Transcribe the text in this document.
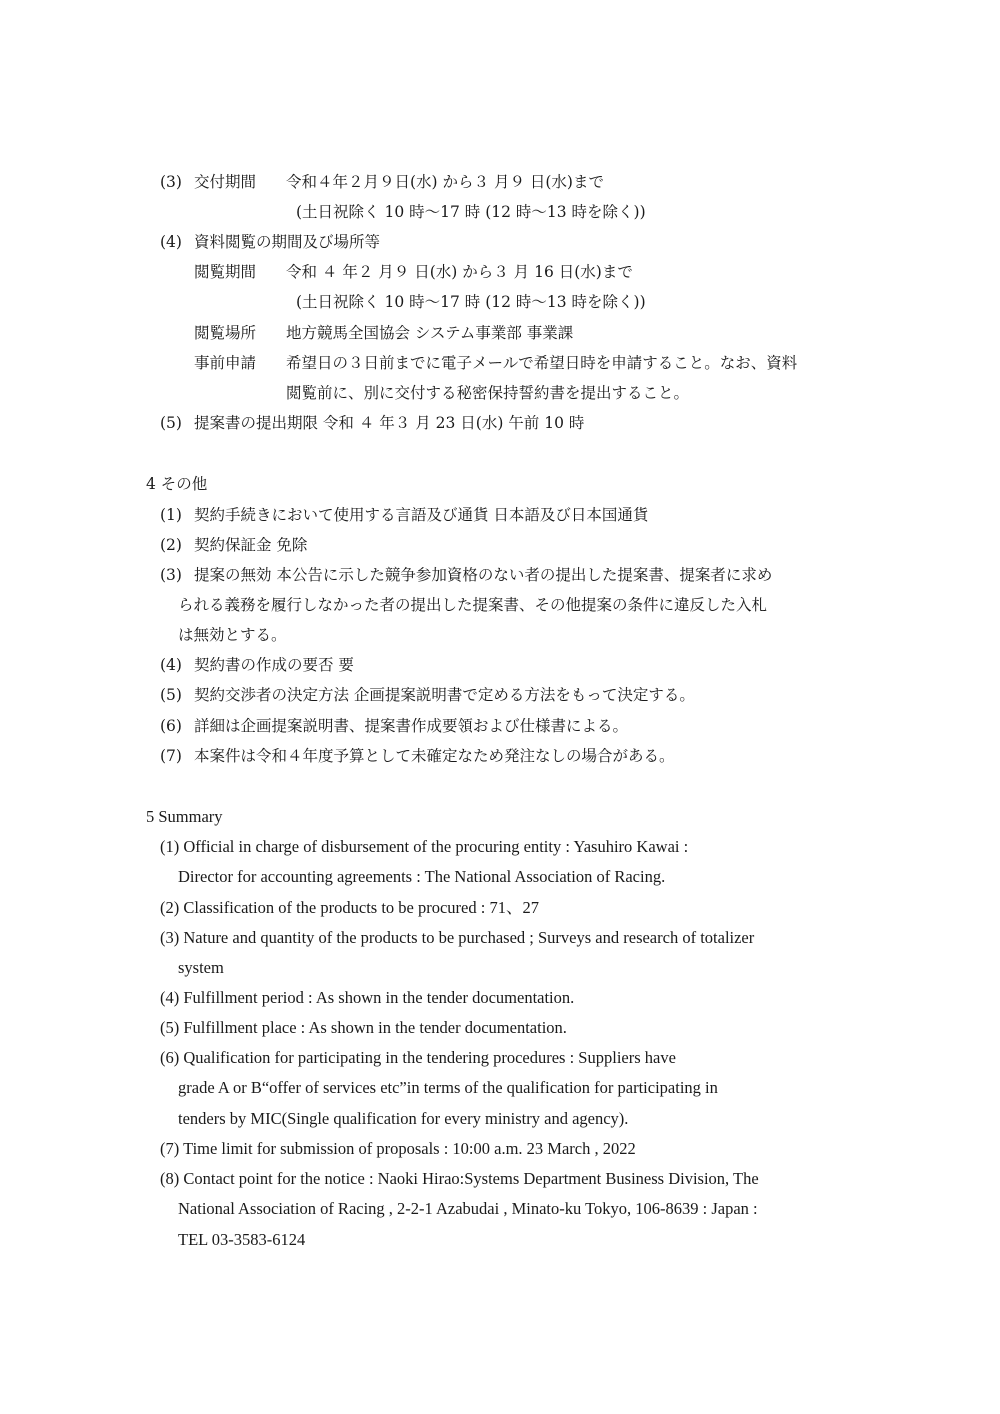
(3) 交付期間 令和４年２月９日(水) から３ 月９ 日(水)まで
(土日祝除く 10 時～17 時 (12 時～13 時を除く))
(4) 資料閲覧の期間及び場所等
閲覧期間 令和 ４ 年２ 月９ 日(水) から３ 月 16 日(水)まで
(土日祝除く 10 時～17 時 (12 時～13 時を除く))
閲覧場所 地方競馬全国協会 システム事業部 事業課
事前申請 希望日の３日前までに電子メールで希望日時を申請すること。なお、資料
閲覧前に、別に交付する秘密保持誓約書を提出すること。
(5) 提案書の提出期限 令和 ４ 年３ 月 23 日(水) 午前 10 時
4 その他
(1) 契約手続きにおいて使用する言語及び通貨 日本語及び日本国通貨
(2) 契約保証金 免除
(3) 提案の無効 本公告に示した競争参加資格のない者の提出した提案書、提案者に求め
られる義務を履行しなかった者の提出した提案書、その他提案の条件に違反した入札
は無効とする。
(4) 契約書の作成の要否 要
(5) 契約交渉者の決定方法 企画提案説明書で定める方法をもって決定する。
(6) 詳細は企画提案説明書、提案書作成要領および仕様書による。
(7) 本案件は令和４年度予算として未確定なため発注なしの場合がある。
5 Summary
(1) Official in charge of disbursement of the procuring entity : Yasuhiro Kawai :
Director for accounting agreements : The National Association of Racing.
(2) Classification of the products to be procured : 71、27
(3) Nature and quantity of the products to be purchased ; Surveys and research of totalizer
system
(4) Fulfillment period : As shown in the tender documentation.
(5) Fulfillment place : As shown in the tender documentation.
(6) Qualification for participating in the tendering procedures : Suppliers have
grade A or B“offer of services etc”in terms of the qualification for participating in
tenders by MIC(Single qualification for every ministry and agency).
(7) Time limit for submission of proposals : 10:00 a.m. 23 March , 2022
(8) Contact point for the notice : Naoki Hirao:Systems Department Business Division, The
National Association of Racing , 2-2-1 Azabudai , Minato-ku Tokyo, 106-8639 : Japan :
TEL 03-3583-6124
